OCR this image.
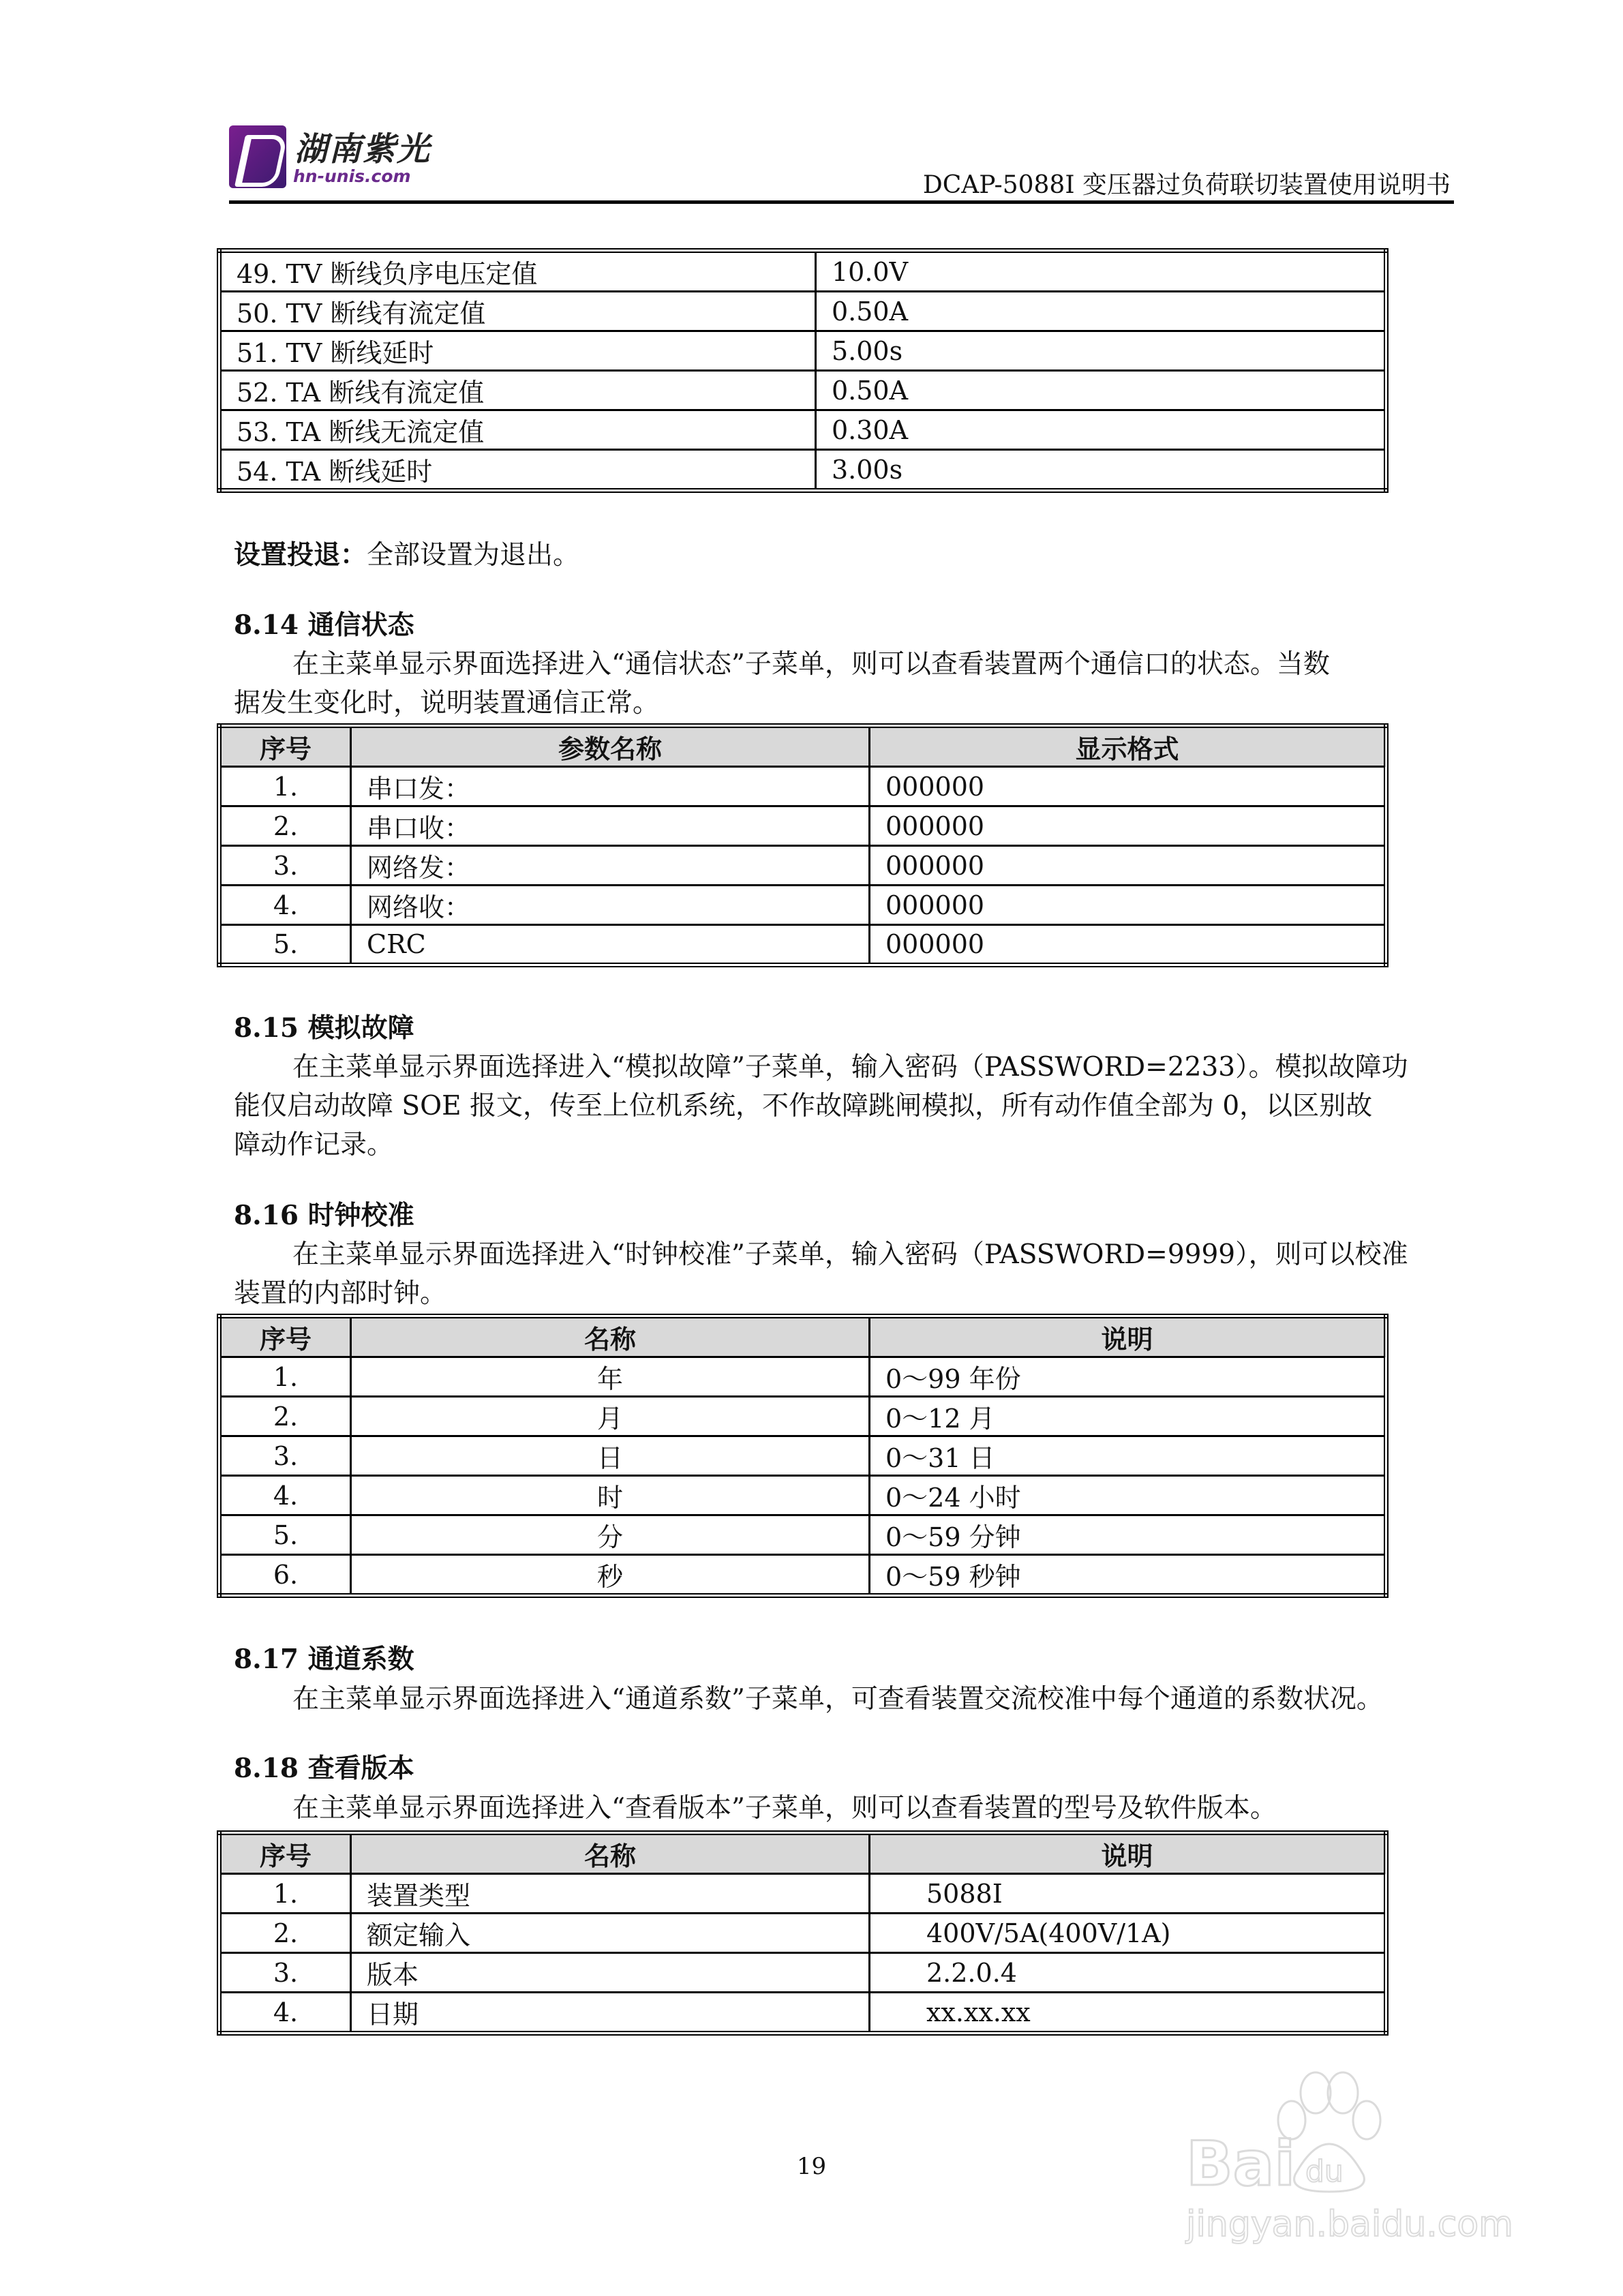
湖南紫光
hn-unis.com	DCAP-5088I 变压器过负荷联切装置使用说明书
49. TV 断线负序电压定值	10.0V
50. TV 断线有流定值	0.50A
51. TV 断线延时	5.00s
52. TA 断线有流定值	0.50A
53. TA 断线无流定值	0.30A
54. TA 断线延时	3.00s
设置投退：全部设置为退出。
8.14 通信状态
在主菜单显示界面选择进入“通信状态”子菜单，则可以查看装置两个通信口的状态。当数
据发生变化时，说明装置通信正常。
序号	参数名称	显示格式
1.	串口发：	000000
2.	串口收：	000000
3.	网络发：	000000
4.	网络收：	000000
5.	CRC	000000
8.15 模拟故障
在主菜单显示界面选择进入“模拟故障”子菜单，输入密码（PASSWORD=2233）。模拟故障功
能仅启动故障 SOE 报文，传至上位机系统，不作故障跳闸模拟，所有动作值全部为 0，以区别故
障动作记录。
8.16 时钟校准
在主菜单显示界面选择进入“时钟校准”子菜单，输入密码（PASSWORD=9999），则可以校准
装置的内部时钟。
序号	名称	说明
1.	年	0～99 年份
2.	月	0～12 月
3.	日	0～31 日
4.	时	0～24 小时
5.	分	0～59 分钟
6.	秒	0～59 秒钟
8.17 通道系数
在主菜单显示界面选择进入“通道系数”子菜单，可查看装置交流校准中每个通道的系数状况。
8.18 查看版本
在主菜单显示界面选择进入“查看版本”子菜单，则可以查看装置的型号及软件版本。
序号	名称	说明
1.	装置类型	5088I
2.	额定输入	400V/5A(400V/1A)
3.	版本	2.2.0.4
4.	日期	xx.xx.xx
19	Bai du
jingyan.baidu.com
